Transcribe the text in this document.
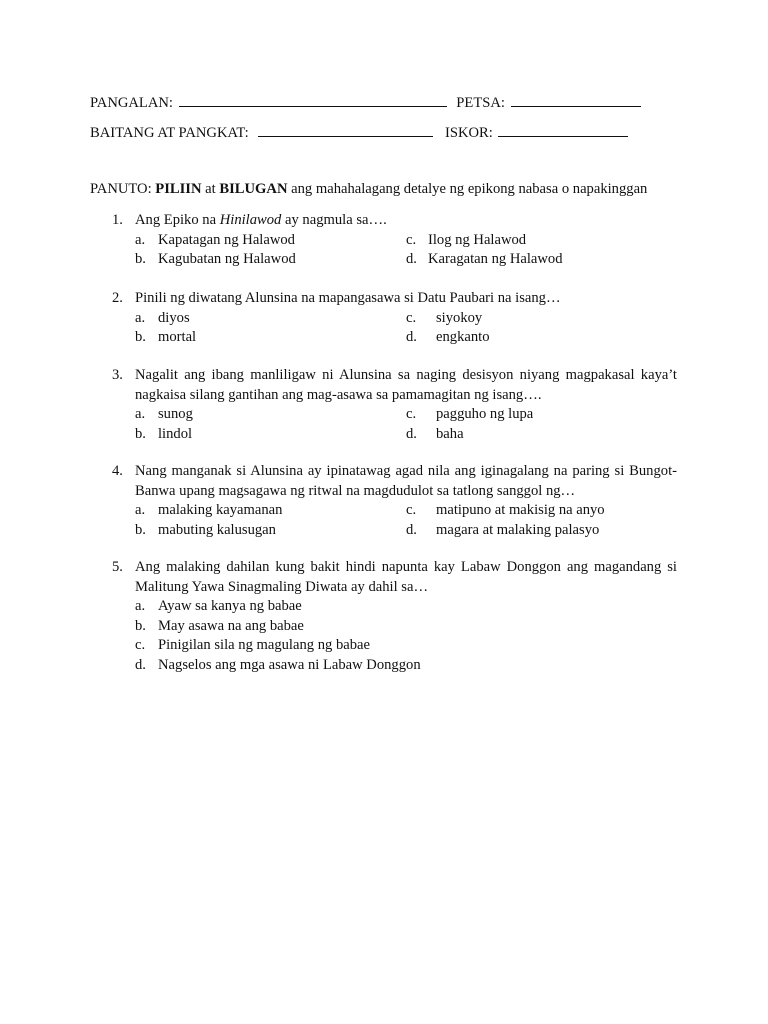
PANGALAN:	PETSA:
BAITANG AT PANGKAT:	ISKOR:
PANUTO: PILIIN at BILUGAN ang mahahalagang detalye ng epikong nabasa o napakinggan
1. Ang Epiko na Hinilawod ay nagmula sa….
a. Kapatagan ng Halawod	c. Ilog ng Halawod
b. Kagubatan ng Halawod	d. Karagatan ng Halawod
2. Pinili ng diwatang Alunsina na mapangasawa si Datu Paubari na isang…
a. diyos	c. siyokoy
b. mortal	d. engkanto
3. Nagalit ang ibang manliligaw ni Alunsina sa naging desisyon niyang magpakasal kaya’t nagkaisa silang gantihan ang mag-asawa sa pamamagitan ng isang….
a. sunog	c. pagguho ng lupa
b. lindol	d. baha
4. Nang manganak si Alunsina ay ipinatawag agad nila ang iginagalang na paring si Bungot-Banwa upang magsagawa ng ritwal na magdudulot sa tatlong sanggol ng…
a. malaking kayamanan	c. matipuno at makisig na anyo
b. mabuting kalusugan	d. magara at malaking palasyo
5. Ang malaking dahilan kung bakit hindi napunta kay Labaw Donggon ang magandang si Malitung Yawa Sinagmaling Diwata ay dahil sa…
a. Ayaw sa kanya ng babae
b. May asawa na ang babae
c. Pinigilan sila ng magulang ng babae
d. Nagselos ang mga asawa ni Labaw Donggon
